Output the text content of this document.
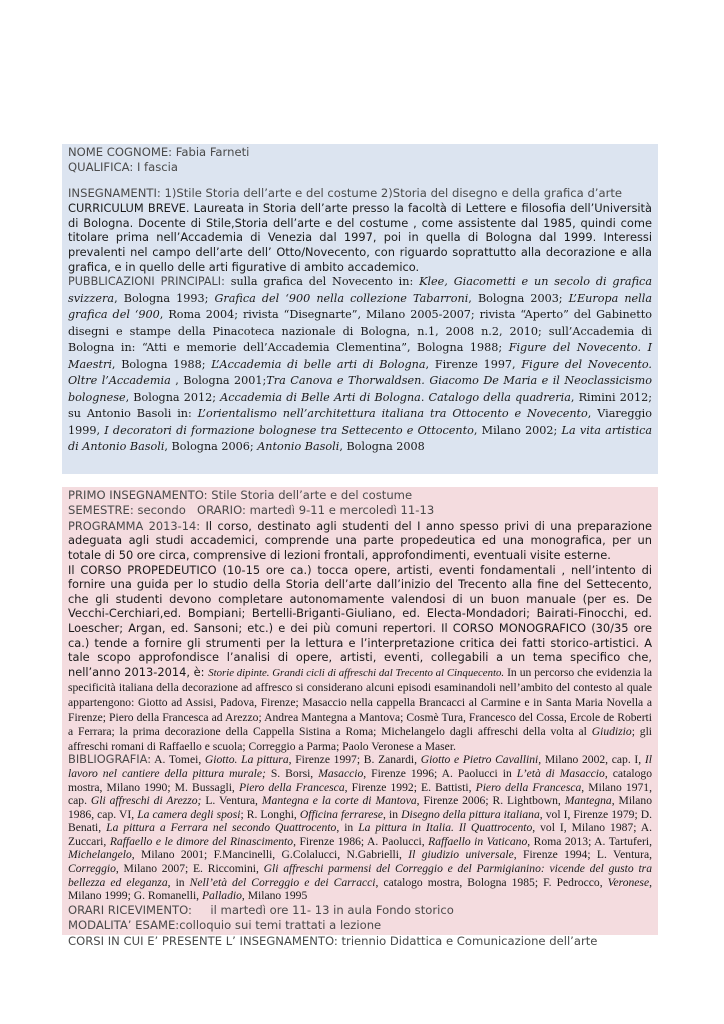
NOME COGNOME: Fabia Farneti

QUALIFICA: I fascia

INSEGNAMENTI: 1)Stile Storia dell’arte e del costume 2)Storia del disegno e della grafica d’arte

CURRICULUM BREVE. Laureata in Storia dell’arte presso la facoltà di Lettere e filosofia dell’Università di Bologna. Docente di Stile,Storia dell’arte e del costume , come assistente dal 1985, quindi come titolare prima nell’Accademia di Venezia dal 1997, poi in quella di Bologna dal 1999. Interessi prevalenti nel campo dell’arte dell’ Otto/Novecento, con riguardo soprattutto alla decorazione e alla grafica, e in quello delle arti figurative di ambito accademico.

PUBBLICAZIONI PRINCIPALI: sulla grafica del Novecento in: Klee, Giacometti e un secolo di grafica svizzera, Bologna 1993; Grafica del ‘900 nella collezione Tabarroni, Bologna 2003; L’Europa nella grafica del ‘900, Roma 2004; rivista “Disegnarte”, Milano 2005-2007; rivista “Aperto” del Gabinetto disegni e stampe della Pinacoteca nazionale di Bologna, n.1, 2008 n.2, 2010; sull’Accademia di Bologna in: “Atti e memorie dell’Accademia Clementina”, Bologna 1988; Figure del Novecento. I Maestri, Bologna 1988; L’Accademia di belle arti di Bologna, Firenze 1997, Figure del Novecento. Oltre l’Accademia , Bologna 2001;Tra Canova e Thorwaldsen. Giacomo De Maria e il Neoclassicismo bolognese, Bologna 2012; Accademia di Belle Arti di Bologna. Catalogo della quadreria, Rimini 2012; su Antonio Basoli in: L’orientalismo nell’architettura italiana tra Ottocento e Novecento, Viareggio 1999, I decoratori di formazione bolognese tra Settecento e Ottocento, Milano 2002; La vita artistica di Antonio Basoli, Bologna 2006; Antonio Basoli, Bologna 2008

PRIMO INSEGNAMENTO: Stile Storia dell’arte e del costume

SEMESTRE: secondo ORARIO: martedì 9-11 e mercoledì 11-13

PROGRAMMA 2013-14: Il corso, destinato agli studenti del I anno spesso privi di una preparazione adeguata agli studi accademici, comprende una parte propedeutica ed una monografica, per un totale di 50 ore circa, comprensive di lezioni frontali, approfondimenti, eventuali visite esterne.

Il CORSO PROPEDEUTICO (10-15 ore ca.) tocca opere, artisti, eventi fondamentali , nell’intento di fornire una guida per lo studio della Storia dell’arte dall’inizio del Trecento alla fine del Settecento, che gli studenti devono completare autonomamente valendosi di un buon manuale (per es. De Vecchi-Cerchiari,ed. Bompiani; Bertelli-Briganti-Giuliano, ed. Electa-Mondadori; Bairati-Finocchi, ed. Loescher; Argan, ed. Sansoni; etc.) e dei più comuni repertori. Il CORSO MONOGRAFICO (30/35 ore ca.) tende a fornire gli strumenti per la lettura e l’interpretazione critica dei fatti storico-artistici. A tale scopo approfondisce l’analisi di opere, artisti, eventi, collegabili a un tema specifico che, nell’anno 2013-2014, è: Storie dipinte. Grandi cicli di affreschi dal Trecento al Cinquecento. In un percorso che evidenzia la specificità italiana della decorazione ad affresco si considerano alcuni episodi esaminandoli nell’ambito del contesto al quale appartengono: Giotto ad Assisi, Padova, Firenze; Masaccio nella cappella Brancacci al Carmine e in Santa Maria Novella a Firenze; Piero della Francesca ad Arezzo; Andrea Mantegna a Mantova; Cosmè Tura, Francesco del Cossa, Ercole de Roberti a Ferrara; la prima decorazione della Cappella Sistina a Roma; Michelangelo dagli affreschi della volta al Giudizio; gli affreschi romani di Raffaello e scuola; Correggio a Parma; Paolo Veronese a Maser.

BIBLIOGRAFIA: A. Tomei, Giotto. La pittura, Firenze 1997; B. Zanardi, Giotto e Pietro Cavallini, Milano 2002, cap. I, Il lavoro nel cantiere della pittura murale; S. Borsi, Masaccio, Firenze 1996; A. Paolucci in L’età di Masaccio, catalogo mostra, Milano 1990; M. Bussagli, Piero della Francesca, Firenze 1992; E. Battisti, Piero della Francesca, Milano 1971, cap. Gli affreschi di Arezzo; L. Ventura, Mantegna e la corte di Mantova, Firenze 2006; R. Lightbown, Mantegna, Milano 1986, cap. VI, La camera degli sposi; R. Longhi, Officina ferrarese, in Disegno della pittura italiana, vol I, Firenze 1979; D. Benati, La pittura a Ferrara nel secondo Quattrocento, in La pittura in Italia. Il Quattrocento, vol I, Milano 1987; A. Zuccari, Raffaello e le dimore del Rinascimento, Firenze 1986; A. Paolucci, Raffaello in Vaticano, Roma 2013; A. Tartuferi, Michelangelo, Milano 2001; F.Mancinelli, G.Colalucci, N.Gabrielli, Il giudizio universale, Firenze 1994; L. Ventura, Correggio, Milano 2007; E. Riccomini, Gli affreschi parmensi del Correggio e del Parmigianino: vicende del gusto tra bellezza ed eleganza, in Nell’età del Correggio e dei Carracci, catalogo mostra, Bologna 1985; F. Pedrocco, Veronese, Milano 1999; G. Romanelli, Palladio, Milano 1995

ORARI RICEVIMENTO: il martedì ore 11- 13 in aula Fondo storico

MODALITA’ ESAME:colloquio sui temi trattati a lezione

CORSI IN CUI E’ PRESENTE L’ INSEGNAMENTO: triennio Didattica e Comunicazione dell’arte
